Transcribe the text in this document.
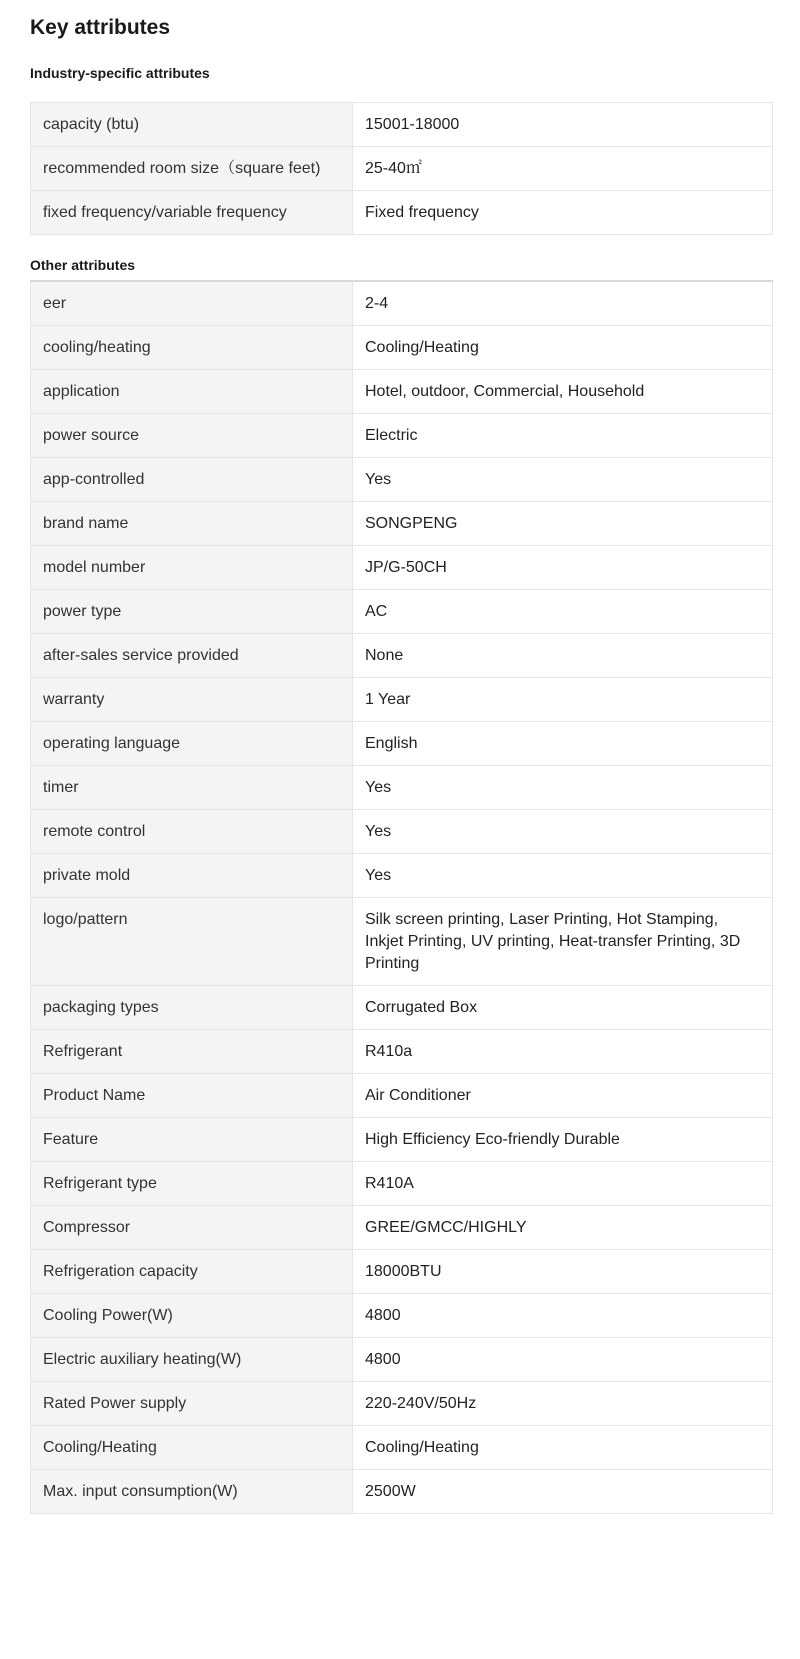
Key attributes
Industry-specific attributes
capacity (btu)	15001-18000
recommended room size（square feet)	25-40㎡
fixed frequency/variable frequency	Fixed frequency
Other attributes
eer	2-4
cooling/heating	Cooling/Heating
application	Hotel, outdoor, Commercial, Household
power source	Electric
app-controlled	Yes
brand name	SONGPENG
model number	JP/G-50CH
power type	AC
after-sales service provided	None
warranty	1 Year
operating language	English
timer	Yes
remote control	Yes
private mold	Yes
logo/pattern	Silk screen printing, Laser Printing, Hot Stamping, Inkjet Printing, UV printing, Heat-transfer Printing, 3D Printing
packaging types	Corrugated Box
Refrigerant	R410a
Product Name	Air Conditioner
Feature	High Efficiency Eco-friendly Durable
Refrigerant type	R410A
Compressor	GREE/GMCC/HIGHLY
Refrigeration capacity	18000BTU
Cooling Power(W)	4800
Electric auxiliary heating(W)	4800
Rated Power supply	220-240V/50Hz
Cooling/Heating	Cooling/Heating
Max. input consumption(W)	2500W
